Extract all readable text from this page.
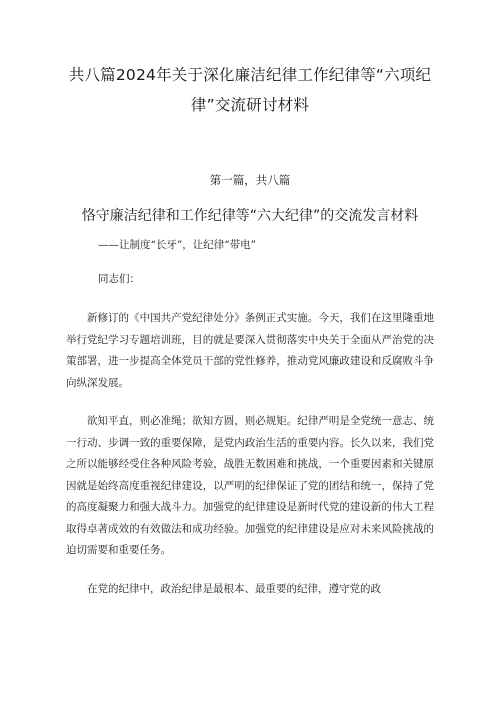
共八篇2024年关于深化廉洁纪律工作纪律等“六项纪律”交流研讨材料
第一篇，共八篇
恪守廉洁纪律和工作纪律等“六大纪律”的交流发言材料
——让制度“长牙”，让纪律“带电”
同志们：

新修订的《中国共产党纪律处分》条例正式实施。今天，我们在这里隆重地举行党纪学习专题培训班，目的就是要深入贯彻落实中央关于全面从严治党的决策部署，进一步提高全体党员干部的党性修养，推动党风廉政建设和反腐败斗争向纵深发展。

欲知平直，则必准绳；欲知方圆，则必规矩。纪律严明是全党统一意志、统一行动、步调一致的重要保障，是党内政治生活的重要内容。长久以来，我们党之所以能够经受住各种风险考验，战胜无数困难和挑战，一个重要因素和关键原因就是始终高度重视纪律建设，以严明的纪律保证了党的团结和统一，保持了党的高度凝聚力和强大战斗力。加强党的纪律建设是新时代党的建设新的伟大工程取得卓著成效的有效做法和成功经验。加强党的纪律建设是应对未来风险挑战的迫切需要和重要任务。

在党的纪律中，政治纪律是最根本、最重要的纪律，遵守党的政
